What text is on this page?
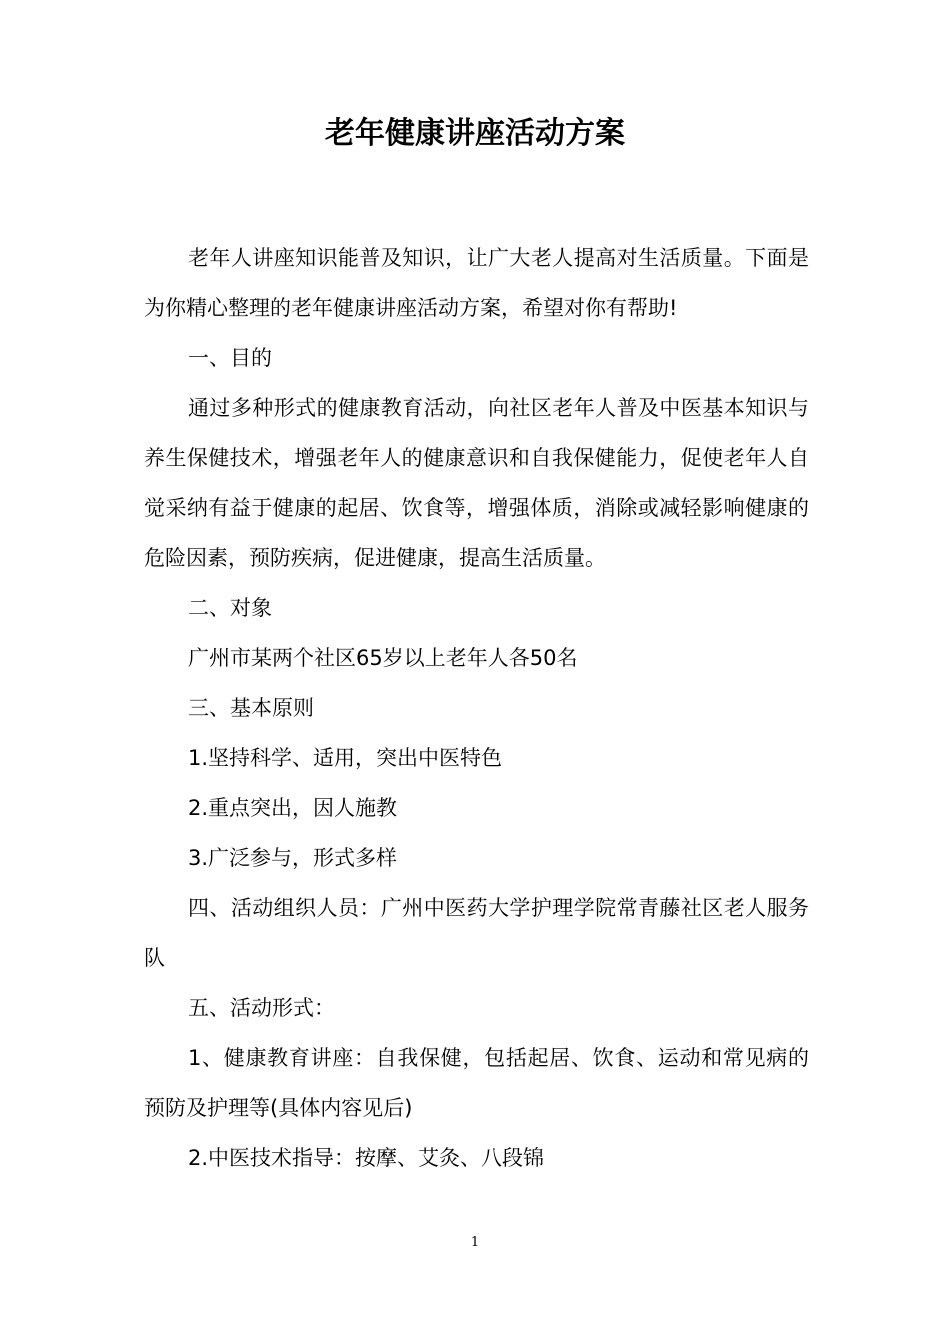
老年健康讲座活动方案

老年人讲座知识能普及知识，让广大老人提高对生活质量。下面是为你精心整理的老年健康讲座活动方案，希望对你有帮助!

一、目的

通过多种形式的健康教育活动，向社区老年人普及中医基本知识与养生保健技术，增强老年人的健康意识和自我保健能力，促使老年人自觉采纳有益于健康的起居、饮食等，增强体质，消除或减轻影响健康的危险因素，预防疾病，促进健康，提高生活质量。

二、对象

广州市某两个社区65岁以上老年人各50名

三、基本原则

1.坚持科学、适用，突出中医特色

2.重点突出，因人施教

3.广泛参与，形式多样

四、活动组织人员：广州中医药大学护理学院常青藤社区老人服务队

五、活动形式：

1、健康教育讲座：自我保健，包括起居、饮食、运动和常见病的预防及护理等(具体内容见后)

2.中医技术指导：按摩、艾灸、八段锦

1
